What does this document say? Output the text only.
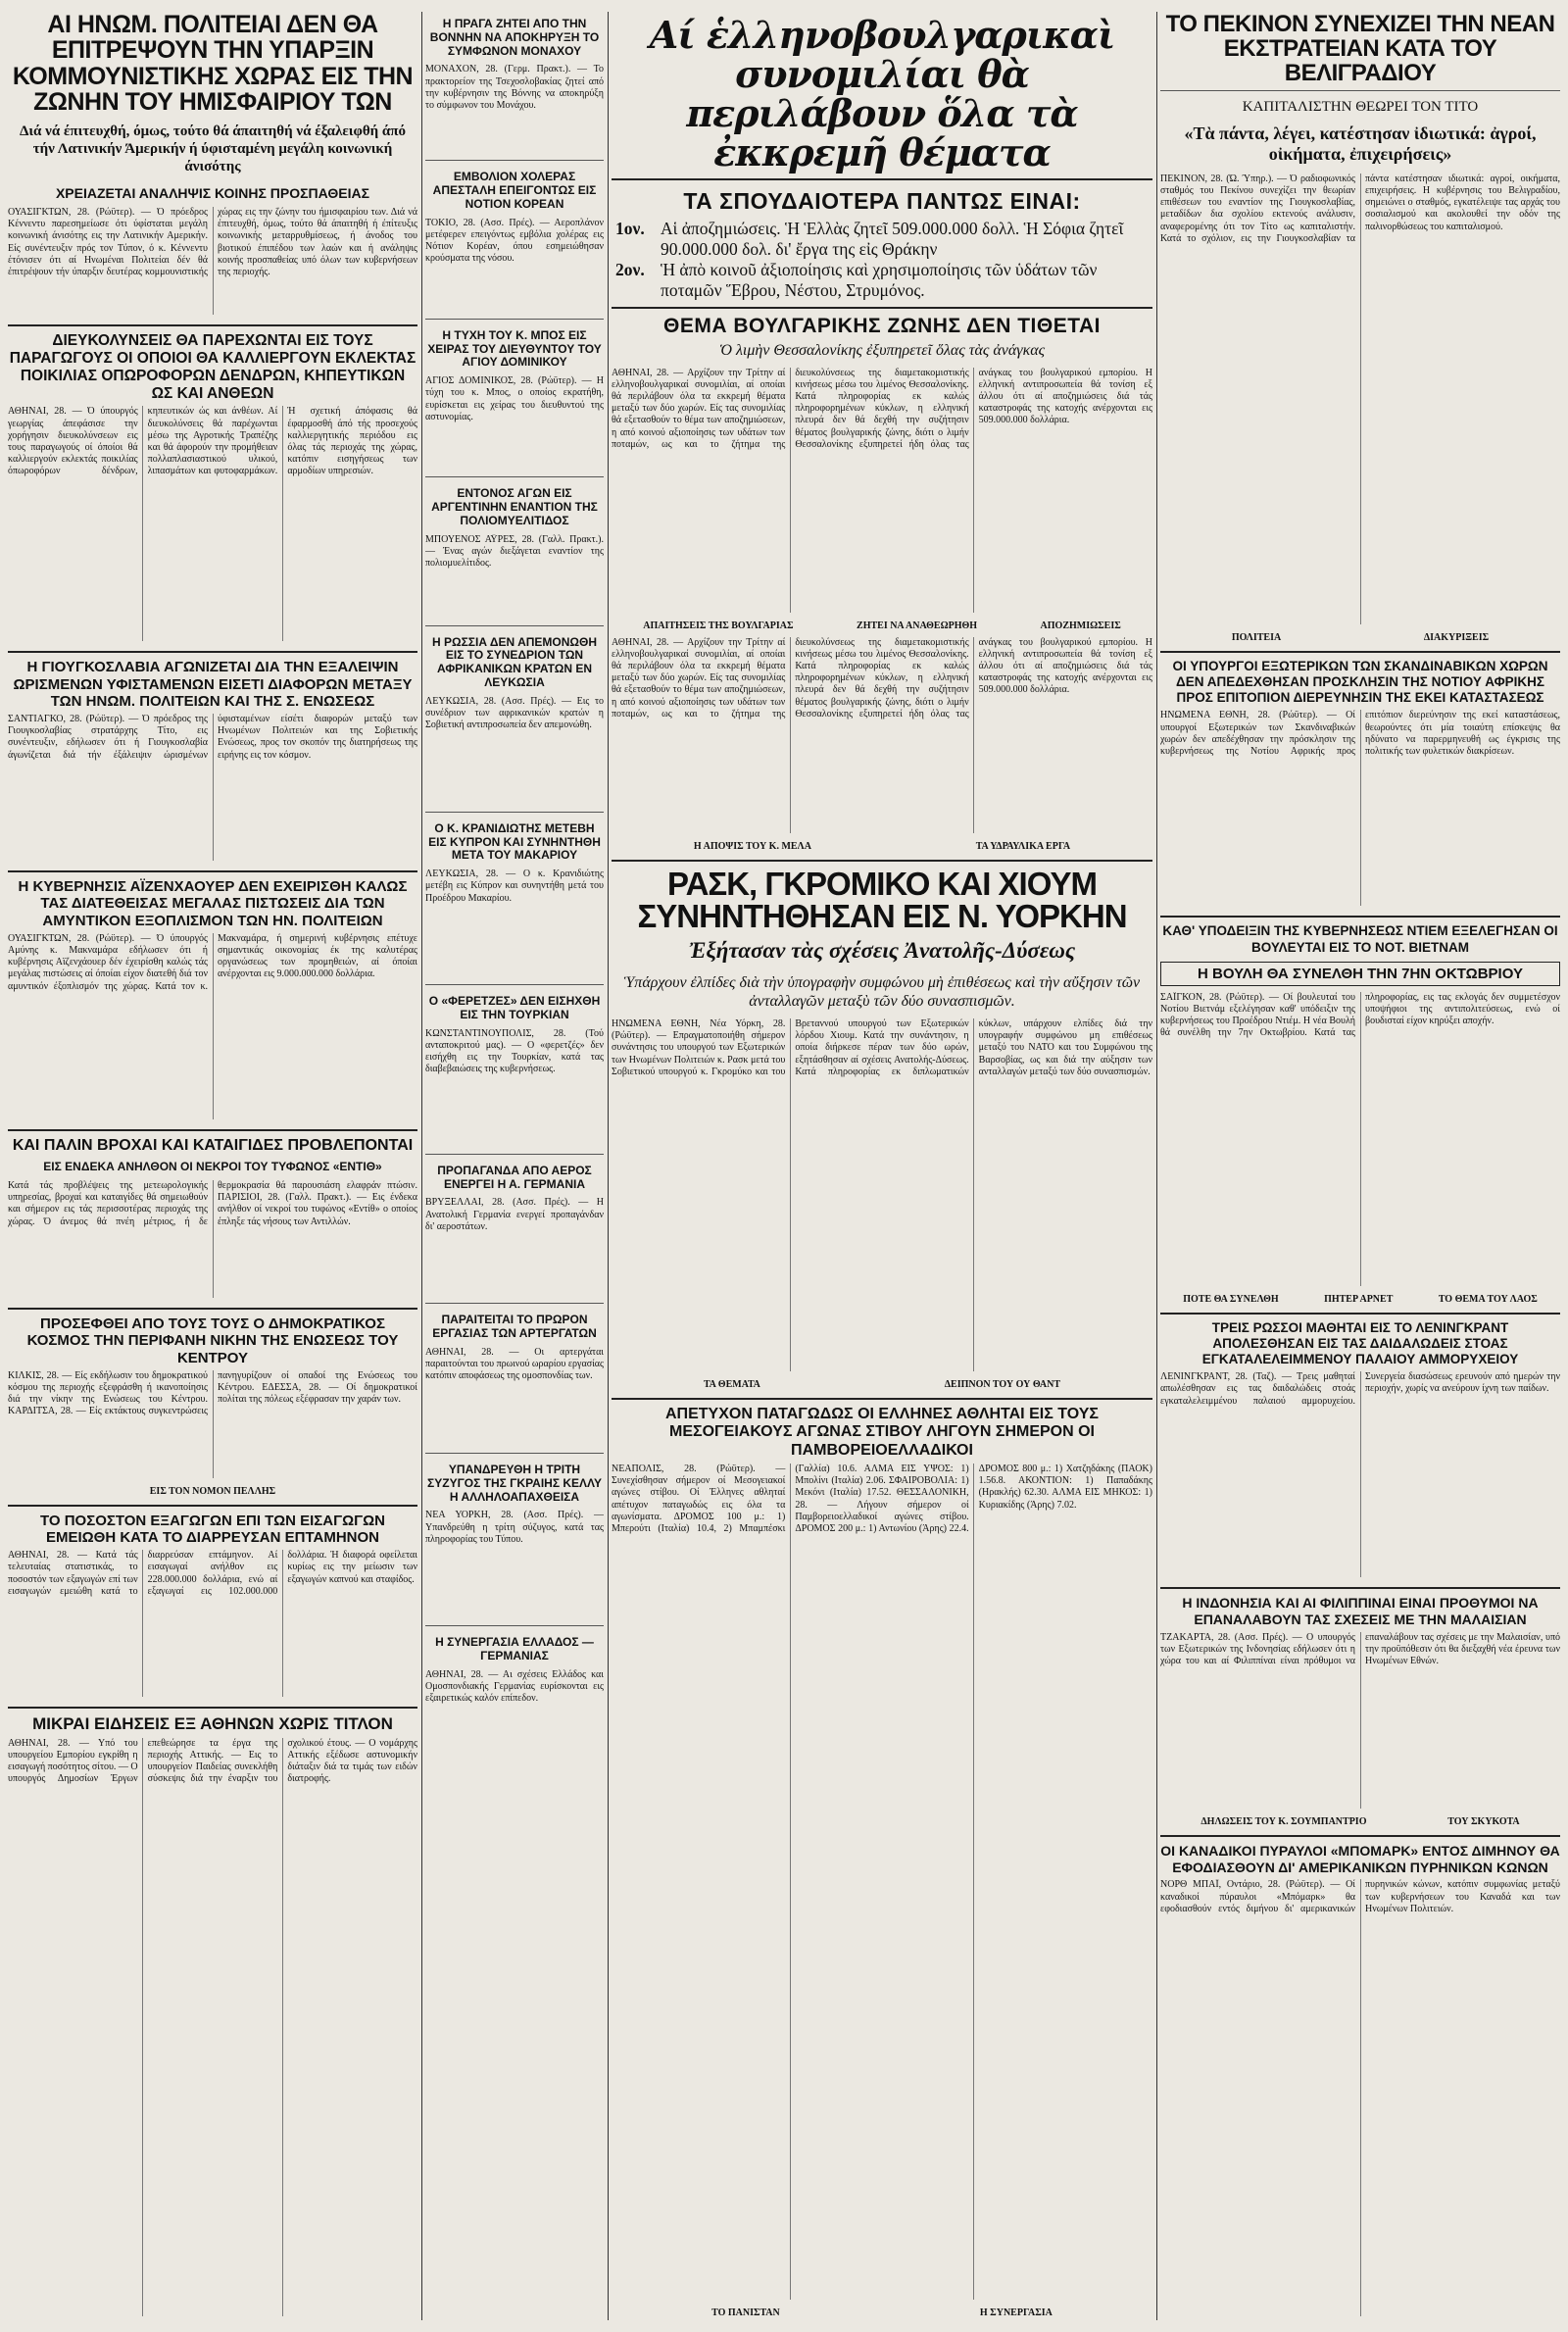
ΑΙ ΗΝΩΜ. ΠΟΛΙΤΕΙΑΙ ΔΕΝ ΘΑ ΕΠΙΤΡΕΨΟΥΝ ΤΗΝ ΥΠΑΡΞΙΝ ΚΟΜΜΟΥΝΙΣΤΙΚΗΣ ΧΩΡΑΣ ΕΙΣ ΤΗΝ ΖΩΝΗΝ ΤΟΥ ΗΜΙΣΦΑΙΡΙΟΥ ΤΩΝ
Διά νά έπιτευχθή, όμως, τούτο θά άπαιτηθή νά έξαλειφθή άπό τήν Λατινικήν Άμερικήν ή ύφισταμένη μεγάλη κοινωνική άνισότης
ΧΡΕΙΑΖΕΤΑΙ ΑΝΑΛΗΨΙΣ ΚΟΙΝΗΣ ΠΡΟΣΠΑΘΕΙΑΣ
ΟΥΑΣΙΓΚΤΩΝ, 28. (Ρώϋτερ). — Ό πρόεδρος Κέννεντυ παρεσημείωσε ότι ύφίσταται μεγάλη κοινωνική άνισότης εις την Λατινικήν Αμερικήν. Είς συνέντευξιν πρός τον Τύπον, ό κ. Κέννεντυ έτόνισεν ότι αί Ηνωμέναι Πολιτείαι δέν θά έπιτρέψουν τήν ύπαρξιν δευτέρας κομμουνιστικής χώρας εις την ζώνην του ήμισφαιρίου των. Διά νά έπιτευχθή, όμως, τούτο θά άπαιτηθή ή έπίτευξις κοινωνικής μεταρρυθμίσεως, ή άνοδος του βιοτικού έπιπέδου των λαών και ή ανάληψις κοινής προσπαθείας υπό όλων των κυβερνήσεων της περιοχής.
ΔΙΕΥΚΟΛΥΝΣΕΙΣ ΘΑ ΠΑΡΕΧΩΝΤΑΙ ΕΙΣ ΤΟΥΣ ΠΑΡΑΓΩΓΟΥΣ ΟΙ ΟΠΟΙΟΙ ΘΑ ΚΑΛΛΙΕΡΓΟΥΝ ΕΚΛΕΚΤΑΣ ΠΟΙΚΙΛΙΑΣ ΟΠΩΡΟΦΟΡΩΝ ΔΕΝΔΡΩΝ, ΚΗΠΕΥΤΙΚΩΝ ΩΣ ΚΑΙ ΑΝΘΕΩΝ
ΑΘΗΝΑΙ, 28. — Ό ύπουργός γεωργίας άπεφάσισε την χορήγησιν διευκολύνσεων εις τους παραγωγούς οί όποίοι θά καλλιεργούν εκλεκτάς ποικιλίας όπωροφόρων δένδρων, κηπευτικών ώς και άνθέων. Αί διευκολύνσεις θά παρέχωνται μέσω της Αγροτικής Τραπέζης και θά άφορούν την προμήθειαν πολλαπλασιαστικού υλικού, λιπασμάτων και φυτοφαρμάκων. Ή σχετική άπόφασις θά έφαρμοσθή άπό τής προσεχούς καλλιεργητικής περιόδου εις όλας τάς περιοχάς της χώρας, κατόπιν εισηγήσεως των αρμοδίων υπηρεσιών.
Η ΓΙΟΥΓΚΟΣΛΑΒΙΑ ΑΓΩΝΙΖΕΤΑΙ ΔΙΑ ΤΗΝ ΕΞΑΛΕΙΨΙΝ ΩΡΙΣΜΕΝΩΝ ΥΦΙΣΤΑΜΕΝΩΝ ΕΙΣΕΤΙ ΔΙΑΦΟΡΩΝ ΜΕΤΑΞΥ ΤΩΝ ΗΝΩΜ. ΠΟΛΙΤΕΙΩΝ ΚΑΙ ΤΗΣ Σ. ΕΝΩΣΕΩΣ
ΣΑΝΤΙΑΓΚΟ, 28. (Ρώϋτερ). — Ό πρόεδρος της Γιουγκοσλαβίας στρατάρχης Τίτο, εις συνέντευξιν, εδήλωσεν ότι ή Γιουγκοσλαβία άγωνίζεται διά τήν έξάλειψιν ώρισμένων ύφισταμένων είσέτι διαφορών μεταξύ των Ηνωμένων Πολιτειών και της Σοβιετικής Ενώσεως, προς τον σκοπόν της διατηρήσεως της ειρήνης εις τον κόσμον.
Η ΚΥΒΕΡΝΗΣΙΣ ΑΪΖΕΝΧΑΟΥΕΡ ΔΕΝ ΕΧΕΙΡΙΣΘΗ ΚΑΛΩΣ ΤΑΣ ΔΙΑΤΕΘΕΙΣΑΣ ΜΕΓΑΛΑΣ ΠΙΣΤΩΣΕΙΣ ΔΙΑ ΤΩΝ ΑΜΥΝΤΙΚΟΝ ΕΞΟΠΛΙΣΜΟΝ ΤΩΝ ΗΝ. ΠΟΛΙΤΕΙΩΝ
ΟΥΑΣΙΓΚΤΩΝ, 28. (Ρώϋτερ). — Ό ύπουργός Αμύνης κ. Μακναμάρα εδήλωσεν ότι ή κυβέρνησις Αϊζενχάουερ δέν έχειρίσθη καλώς τάς μεγάλας πιστώσεις αί όποίαι είχον διατεθή διά τον αμυντικόν έξοπλισμόν της χώρας. Κατά τον κ. Μακναμάρα, ή σημερινή κυβέρνησις επέτυχε σημαντικάς οικονομίας έκ της καλυτέρας οργανώσεως των προμηθειών, αί όποίαι ανέρχονται εις 9.000.000.000 δολλάρια.
ΚΑΙ ΠΑΛΙΝ ΒΡΟΧΑΙ ΚΑΙ ΚΑΤΑΙΓΙΔΕΣ ΠΡΟΒΛΕΠΟΝΤΑΙ
ΕΙΣ ΕΝΔΕΚΑ ΑΝΗΛΘΟΝ ΟΙ ΝΕΚΡΟΙ ΤΟΥ ΤΥΦΩΝΟΣ «ΕΝΤΙΘ»
Κατά τάς προβλέψεις της μετεωρολογικής υπηρεσίας, βροχαί και καταιγίδες θά σημειωθούν και σήμερον εις τάς περισσοτέρας περιοχάς της χώρας. Ό άνεμος θά πνέη μέτριος, ή δε θερμοκρασία θά παρουσιάση ελαφράν πτώσιν. ΠΑΡΙΣΙΟΙ, 28. (Γαλλ. Πρακτ.). — Εις ένδεκα ανήλθον οί νεκροί του τυφώνος «Εντίθ» ο οποίος έπληξε τάς νήσους των Αντιλλών.
ΠΡΟΣΕΦΘΕΙ ΑΠΟ ΤΟΥΣ ΤΟΥΣ Ο ΔΗΜΟΚΡΑΤΙΚΟΣ ΚΟΣΜΟΣ ΤΗΝ ΠΕΡΙΦΑΝΗ ΝΙΚΗΝ ΤΗΣ ΕΝΩΣΕΩΣ ΤΟΥ ΚΕΝΤΡΟΥ
ΚΙΛΚΙΣ, 28. — Είς εκδήλωσιν του δημοκρατικού κόσμου της περιοχής εξεφράσθη ή ικανοποίησις διά την νίκην της Ενώσεως του Κέντρου. ΚΑΡΔΙΤΣΑ, 28. — Είς εκτάκτους συγκεντρώσεις πανηγυρίζουν οί οπαδοί της Ενώσεως του Κέντρου. ΕΔΕΣΣΑ, 28. — Οί δημοκρατικοί πολίται της πόλεως εξέφρασαν την χαράν των.
ΕΙΣ ΤΟΝ ΝΟΜΟΝ ΠΕΛΛΗΣ
ΤΟ ΠΟΣΟΣΤΟΝ ΕΞΑΓΩΓΩΝ ΕΠΙ ΤΩΝ ΕΙΣΑΓΩΓΩΝ ΕΜΕΙΩΘΗ ΚΑΤΑ ΤΟ ΔΙΑΡΡΕΥΣΑΝ ΕΠΤΑΜΗΝΟΝ
ΑΘΗΝΑΙ, 28. — Κατά τάς τελευταίας στατιστικάς, το ποσοστόν των εξαγωγών επί των εισαγωγών εμειώθη κατά το διαρρεύσαν επτάμηνον. Αί εισαγωγαί ανήλθον εις 228.000.000 δολλάρια, ενώ αί εξαγωγαί εις 102.000.000 δολλάρια. Ή διαφορά οφείλεται κυρίως εις την μείωσιν των εξαγωγών καπνού και σταφίδος.
ΜΙΚΡΑΙ ΕΙΔΗΣΕΙΣ ΕΞ ΑΘΗΝΩΝ ΧΩΡΙΣ ΤΙΤΛΟΝ
ΑΘΗΝΑΙ, 28. — Υπό του υπουργείου Εμπορίου εγκρίθη η εισαγωγή ποσότητος σίτου. — Ο υπουργός Δημοσίων Έργων επεθεώρησε τα έργα της περιοχής Αττικής. — Εις το υπουργείον Παιδείας συνεκλήθη σύσκεψις διά την έναρξιν του σχολικού έτους. — Ο νομάρχης Αττικής εξέδωσε αστυνομικήν διάταξιν διά τα τιμάς των ειδών διατροφής.
Η ΠΡΑΓΑ ΖΗΤΕΙ ΑΠΟ ΤΗΝ ΒΟΝΝΗΝ ΝΑ ΑΠΟΚΗΡΥΞΗ ΤΟ ΣΥΜΦΩΝΟΝ ΜΟΝΑΧΟΥ
ΜΟΝΑΧΟΝ, 28. (Γερμ. Πρακτ.). — Το πρακτορείον της Τσεχοσλοβακίας ζητεί από την κυβέρνησιν της Βόννης να αποκηρύξη το σύμφωνον του Μονάχου.
ΕΜΒΟΛΙΟΝ ΧΟΛΕΡΑΣ ΑΠΕΣΤΑΛΗ ΕΠΕΙΓΟΝΤΩΣ ΕΙΣ ΝΟΤΙΟΝ ΚΟΡΕΑΝ
ΤΟΚΙΟ, 28. (Ασσ. Πρές). — Αεροπλάνον μετέφερεν επειγόντως εμβόλια χολέρας εις Νότιον Κορέαν, όπου εσημειώθησαν κρούσματα της νόσου.
Η ΤΥΧΗ ΤΟΥ Κ. ΜΠΟΣ ΕΙΣ ΧΕΙΡΑΣ ΤΟΥ ΔΙΕΥΘΥΝΤΟΥ ΤΟΥ ΑΓΙΟΥ ΔΟΜΙΝΙΚΟΥ
ΑΓΙΟΣ ΔΟΜΙΝΙΚΟΣ, 28. (Ρώϋτερ). — Η τύχη του κ. Μπος, ο οποίος εκρατήθη, ευρίσκεται εις χείρας του διευθυντού της αστυνομίας.
ΕΝΤΟΝΟΣ ΑΓΩΝ ΕΙΣ ΑΡΓΕΝΤΙΝΗΝ ΕΝΑΝΤΙΟΝ ΤΗΣ ΠΟΛΙΟΜΥΕΛΙΤΙΔΟΣ
ΜΠΟΥΕΝΟΣ ΑΫΡΕΣ, 28. (Γαλλ. Πρακτ.). — Ένας αγών διεξάγεται εναντίον της πολιομυελίτιδος.
Η ΡΩΣΣΙΑ ΔΕΝ ΑΠΕΜΟΝΩΘΗ ΕΙΣ ΤΟ ΣΥΝΕΔΡΙΟΝ ΤΩΝ ΑΦΡΙΚΑΝΙΚΩΝ ΚΡΑΤΩΝ ΕΝ ΛΕΥΚΩΣΙΑ
ΛΕΥΚΩΣΙΑ, 28. (Ασσ. Πρές). — Εις το συνέδριον των αφρικανικών κρατών η Σοβιετική αντιπροσωπεία δεν απεμονώθη.
Ο Κ. ΚΡΑΝΙΔΙΩΤΗΣ ΜΕΤΕΒΗ ΕΙΣ ΚΥΠΡΟΝ ΚΑΙ ΣΥΝΗΝΤΗΘΗ ΜΕΤΑ ΤΟΥ ΜΑΚΑΡΙΟΥ
ΛΕΥΚΩΣΙΑ, 28. — Ο κ. Κρανιδιώτης μετέβη εις Κύπρον και συνηντήθη μετά του Προέδρου Μακαρίου.
Ο «ΦΕΡΕΤΖΕΣ» ΔΕΝ ΕΙΣΗΧΘΗ ΕΙΣ ΤΗΝ ΤΟΥΡΚΙΑΝ
ΚΩΝΣΤΑΝΤΙΝΟΥΠΟΛΙΣ, 28. (Τού ανταποκριτού μας). — Ο «φερετζές» δεν εισήχθη εις την Τουρκίαν, κατά τας διαβεβαιώσεις της κυβερνήσεως.
ΠΡΟΠΑΓΑΝΔΑ ΑΠΟ ΑΕΡΟΣ ΕΝΕΡΓΕΙ Η Α. ΓΕΡΜΑΝΙΑ
ΒΡΥΞΕΛΛΑΙ, 28. (Ασσ. Πρές). — Η Ανατολική Γερμανία ενεργεί προπαγάνδαν δι' αεροστάτων.
ΠΑΡΑΙΤΕΙΤΑΙ ΤΟ ΠΡΩΡΟΝ ΕΡΓΑΣΙΑΣ ΤΩΝ ΑΡΤΕΡΓΑΤΩΝ
ΑΘΗΝΑΙ, 28. — Οι αρτεργάται παραιτούνται του πρωινού ωραρίου εργασίας κατόπιν αποφάσεως της ομοσπονδίας των.
ΥΠΑΝΔΡΕΥΘΗ Η ΤΡΙΤΗ ΣΥΖΥΓΟΣ ΤΗΣ ΓΚΡΑΙΗΣ ΚΕΛΛΥ Η ΑΛΛΗΛΟΑΠΑΧΘΕΙΣΑ
ΝΕΑ ΥΟΡΚΗ, 28. (Ασσ. Πρές). — Υπανδρεύθη η τρίτη σύζυγος, κατά τας πληροφορίας του Τύπου.
Η ΣΥΝΕΡΓΑΣΙΑ ΕΛΛΑΔΟΣ — ΓΕΡΜΑΝΙΑΣ
ΑΘΗΝΑΙ, 28. — Αι σχέσεις Ελλάδος και Ομοσπονδιακής Γερμανίας ευρίσκονται εις εξαιρετικώς καλόν επίπεδον.
Αί ἑλληνοβουλγαρικαὶ συνομιλίαι θὰ περιλάβουν ὅλα τὰ ἐκκρεμῆ θέματα
ΤΑ ΣΠΟΥΔΑΙΟΤΕΡΑ ΠΑΝΤΩΣ ΕΙΝΑΙ:
1ον. Αἱ ἀποζημιώσεις. Ἡ Ἑλλὰς ζητεῖ 509.000.000 δολλ. Ἡ Σόφια ζητεῖ 90.000.000 δολ. δι' ἔργα της εἰς Θράκην
2ον. Ἡ ἀπὸ κοινοῦ ἀξιοποίησις καὶ χρησιμοποίησις τῶν ὑδάτων τῶν ποταμῶν Ἕβρου, Νέστου, Στρυμόνος.
ΘΕΜΑ ΒΟΥΛΓΑΡΙΚΗΣ ΖΩΝΗΣ ΔΕΝ ΤΙΘΕΤΑΙ
Ὁ λιμὴν Θεσσαλονίκης ἐξυπηρετεῖ ὅλας τὰς ἀνάγκας
ΑΘΗΝΑΙ, 28. — Αρχίζουν την Τρίτην αί ελληνοβουλγαρικαί συνομιλίαι, αί οποίαι θά περιλάβουν όλα τα εκκρεμή θέματα μεταξύ των δύο χωρών. Είς τας συνομιλίας θά εξετασθούν το θέμα των αποζημιώσεων, η από κοινού αξιοποίησις των υδάτων των ποταμών, ως και το ζήτημα της διευκολύνσεως της διαμετακομιστικής κινήσεως μέσω του λιμένος Θεσσαλονίκης. Κατά πληροφορίας εκ καλώς πληροφορημένων κύκλων, η ελληνική πλευρά δεν θά δεχθή την συζήτησιν θέματος βουλγαρικής ζώνης, διότι ο λιμήν Θεσσαλονίκης εξυπηρετεί ήδη όλας τας ανάγκας του βουλγαρικού εμπορίου. Η ελληνική αντιπροσωπεία θά τονίση εξ άλλου ότι αί αποζημιώσεις διά τάς καταστροφάς της κατοχής ανέρχονται εις 509.000.000 δολλάρια.
ΑΠΑΙΤΗΣΕΙΣ ΤΗΣ ΒΟΥΛΓΑΡΙΑΣ	ΖΗΤΕΙ ΝΑ ΑΝΑΘΕΩΡΗΘΗ	ΑΠΟΖΗΜΙΩΣΕΙΣ
ΑΘΗΝΑΙ, 28. — Αρχίζουν την Τρίτην αί ελληνοβουλγαρικαί συνομιλίαι, αί οποίαι θά περιλάβουν όλα τα εκκρεμή θέματα μεταξύ των δύο χωρών. Είς τας συνομιλίας θά εξετασθούν το θέμα των αποζημιώσεων, η από κοινού αξιοποίησις των υδάτων των ποταμών, ως και το ζήτημα της διευκολύνσεως της διαμετακομιστικής κινήσεως μέσω του λιμένος Θεσσαλονίκης. Κατά πληροφορίας εκ καλώς πληροφορημένων κύκλων, η ελληνική πλευρά δεν θά δεχθή την συζήτησιν θέματος βουλγαρικής ζώνης, διότι ο λιμήν Θεσσαλονίκης εξυπηρετεί ήδη όλας τας ανάγκας του βουλγαρικού εμπορίου. Η ελληνική αντιπροσωπεία θά τονίση εξ άλλου ότι αί αποζημιώσεις διά τάς καταστροφάς της κατοχής ανέρχονται εις 509.000.000 δολλάρια.
Η ΑΠΟΨΙΣ ΤΟΥ Κ. ΜΕΛΑ	ΤΑ ΥΔΡΑΥΛΙΚΑ ΕΡΓΑ
ΡΑΣΚ, ΓΚΡΟΜΙΚΟ ΚΑΙ ΧΙΟΥΜ ΣΥΝΗΝΤΗΘΗΣΑΝ ΕΙΣ Ν. ΥΟΡΚΗΝ
Ἐξήτασαν τὰς σχέσεις Ἀνατολῆς-Δύσεως
Ὑπάρχουν ἐλπίδες διὰ τὴν ὑπογραφὴν συμφώνου μὴ ἐπιθέσεως καὶ τὴν αὔξησιν τῶν ἀνταλλαγῶν μεταξὺ τῶν δύο συνασπισμῶν.
ΗΝΩΜΕΝΑ ΕΘΝΗ, Νέα Υόρκη, 28. (Ρώϋτερ). — Επραγματοποιήθη σήμερον συνάντησις του υπουργού των Εξωτερικών των Ηνωμένων Πολιτειών κ. Ρασκ μετά του Σοβιετικού υπουργού κ. Γκρομύκο και του Βρεταννού υπουργού των Εξωτερικών λόρδου Χιουμ. Κατά την συνάντησιν, η οποία διήρκεσε πέραν των δύο ωρών, εξητάσθησαν αί σχέσεις Ανατολής-Δύσεως. Κατά πληροφορίας εκ διπλωματικών κύκλων, υπάρχουν ελπίδες διά την υπογραφήν συμφώνου μη επιθέσεως μεταξύ του ΝΑΤΟ και του Συμφώνου της Βαρσοβίας, ως και διά την αύξησιν των ανταλλαγών μεταξύ των δύο συνασπισμών.
ΤΑ ΘΕΜΑΤΑ	ΔΕΙΠΝΟΝ ΤΟΥ ΟΥ ΘΑΝΤ
ΑΠΕΤΥΧΟΝ ΠΑΤΑΓΩΔΩΣ ΟΙ ΕΛΛΗΝΕΣ ΑΘΛΗΤΑΙ ΕΙΣ ΤΟΥΣ ΜΕΣΟΓΕΙΑΚΟΥΣ ΑΓΩΝΑΣ ΣΤΙΒΟΥ ΛΗΓΟΥΝ ΣΗΜΕΡΟΝ ΟΙ ΠΑΜΒΟΡΕΙΟΕΛΛΑΔΙΚΟΙ
ΝΕΑΠΟΛΙΣ, 28. (Ρώϋτερ). — Συνεχίσθησαν σήμερον οί Μεσογειακοί αγώνες στίβου. Οί Έλληνες αθληταί απέτυχον παταγωδώς εις όλα τα αγωνίσματα. ΔΡΟΜΟΣ 100 μ.: 1) Μπερούτι (Ιταλία) 10.4, 2) Μπαμπέσκι (Γαλλία) 10.6. ΑΛΜΑ ΕΙΣ ΥΨΟΣ: 1) Μπολίνι (Ιταλία) 2.06. ΣΦΑΙΡΟΒΟΛΙΑ: 1) Μεκόνι (Ιταλία) 17.52. ΘΕΣΣΑΛΟΝΙΚΗ, 28. — Λήγουν σήμερον οί Παμβορειοελλαδικοί αγώνες στίβου. ΔΡΟΜΟΣ 200 μ.: 1) Αντωνίου (Άρης) 22.4. ΔΡΟΜΟΣ 800 μ.: 1) Χατζηδάκης (ΠΑΟΚ) 1.56.8. ΑΚΟΝΤΙΟΝ: 1) Παπαδάκης (Ηρακλής) 62.30. ΑΛΜΑ ΕΙΣ ΜΗΚΟΣ: 1) Κυριακίδης (Άρης) 7.02.
ΤΟ ΠΑΝΙΣΤΑΝ	Η ΣΥΝΕΡΓΑΣΙΑ
ΤΟ ΠΕΚΙΝΟΝ ΣΥΝΕΧΙΖΕΙ ΤΗΝ ΝΕΑΝ ΕΚΣΤΡΑΤΕΙΑΝ ΚΑΤΑ ΤΟΥ ΒΕΛΙΓΡΑΔΙΟΥ
ΚΑΠΙΤΑΛΙΣΤΗΝ ΘΕΩΡΕΙ ΤΟΝ ΤΙΤΟ
«Τὰ πάντα, λέγει, κατέστησαν ἰδιωτικά: ἀγροί, οἰκήματα, ἐπιχειρήσεις»
ΠΕΚΙΝΟΝ, 28. (Ώ. Ύπηρ.). — Ό ραδιοφωνικός σταθμός του Πεκίνου συνεχίζει την θεωρίαν επιθέσεων του εναντίον της Γιουγκοσλαβίας, μεταδίδων δια σχολίου εκτενούς ανάλυσιν, αναφερομένης ότι τον Τίτο ως καπιταλιστήν. Κατά το σχόλιον, εις την Γιουγκοσλαβίαν τα πάντα κατέστησαν ιδιωτικά: αγροί, οικήματα, επιχειρήσεις. Η κυβέρνησις του Βελιγραδίου, σημειώνει ο σταθμός, εγκατέλειψε τας αρχάς του σοσιαλισμού και ακολουθεί την οδόν της παλινορθώσεως του καπιταλισμού.
ΠΟΛΙΤΕΙΑ	ΔΙΑΚΥΡΙΞΕΙΣ
ΟΙ ΥΠΟΥΡΓΟΙ ΕΞΩΤΕΡΙΚΩΝ ΤΩΝ ΣΚΑΝΔΙΝΑΒΙΚΩΝ ΧΩΡΩΝ ΔΕΝ ΑΠΕΔΕΧΘΗΣΑΝ ΠΡΟΣΚΛΗΣΙΝ ΤΗΣ ΝΟΤΙΟΥ ΑΦΡΙΚΗΣ ΠΡΟΣ ΕΠΙΤΟΠΙΟΝ ΔΙΕΡΕΥΝΗΣΙΝ ΤΗΣ ΕΚΕΙ ΚΑΤΑΣΤΑΣΕΩΣ
ΗΝΩΜΕΝΑ ΕΘΝΗ, 28. (Ρώϋτερ). — Οί υπουργοί Εξωτερικών των Σκανδιναβικών χωρών δεν απεδέχθησαν την πρόσκλησιν της κυβερνήσεως της Νοτίου Αφρικής προς επιτόπιον διερεύνησιν της εκεί καταστάσεως, θεωρούντες ότι μία τοιαύτη επίσκεψις θα ηδύνατο να παρερμηνευθή ως έγκρισις της πολιτικής των φυλετικών διακρίσεων.
ΚΑΘ' ΥΠΟΔΕΙΞΙΝ ΤΗΣ ΚΥΒΕΡΝΗΣΕΩΣ ΝΤΙΕΜ ΕΞΕΛΕΓΗΣΑΝ ΟΙ ΒΟΥΛΕΥΤΑΙ ΕΙΣ ΤΟ ΝΟΤ. ΒΙΕΤΝΑΜ
Η ΒΟΥΛΗ ΘΑ ΣΥΝΕΛΘΗ ΤΗΝ 7ΗΝ ΟΚΤΩΒΡΙΟΥ
ΣΑΪΓΚΟΝ, 28. (Ρώϋτερ). — Οί βουλευταί του Νοτίου Βιετνάμ εξελέγησαν καθ' υπόδειξιν της κυβερνήσεως του Προέδρου Ντιέμ. Η νέα Βουλή θά συνέλθη την 7ην Οκτωβρίου. Κατά τας πληροφορίας, εις τας εκλογάς δεν συμμετέσχον υποψήφιοι της αντιπολιτεύσεως, ενώ οί βουδισταί είχον κηρύξει αποχήν.
ΠΟΤΕ ΘΑ ΣΥΝΕΛΘΗ	ΠΗΤΕΡ ΑΡΝΕΤ	ΤΟ ΘΕΜΑ ΤΟΥ ΛΑΟΣ
ΤΡΕΙΣ ΡΩΣΣΟΙ ΜΑΘΗΤΑΙ ΕΙΣ ΤΟ ΛΕΝΙΝΓΚΡΑΝΤ ΑΠΟΛΕΣΘΗΣΑΝ ΕΙΣ ΤΑΣ ΔΑΙΔΑΛΩΔΕΙΣ ΣΤΟΑΣ ΕΓΚΑΤΑΛΕΛΕΙΜΜΕΝΟΥ ΠΑΛΑΙΟΥ ΑΜΜΟΡΥΧΕΙΟΥ
ΛΕΝΙΝΓΚΡΑΝΤ, 28. (Ταζ). — Τρεις μαθηταί απωλέσθησαν εις τας δαιδαλώδεις στοάς εγκαταλελειμμένου παλαιού αμμορυχείου. Συνεργεία διασώσεως ερευνούν από ημερών την περιοχήν, χωρίς να ανεύρουν ίχνη των παίδων.
Η ΙΝΔΟΝΗΣΙΑ ΚΑΙ ΑΙ ΦΙΛΙΠΠΙΝΑΙ ΕΙΝΑΙ ΠΡΟΘΥΜΟΙ ΝΑ ΕΠΑΝΑΛΑΒΟΥΝ ΤΑΣ ΣΧΕΣΕΙΣ ΜΕ ΤΗΝ ΜΑΛΑΙΣΙΑΝ
ΤΖΑΚΑΡΤΑ, 28. (Ασσ. Πρές). — Ο υπουργός των Εξωτερικών της Ινδονησίας εδήλωσεν ότι η χώρα του και αί Φιλιππίναι είναι πρόθυμοι να επαναλάβουν τας σχέσεις με την Μαλαισίαν, υπό την προϋπόθεσιν ότι θα διεξαχθή νέα έρευνα των Ηνωμένων Εθνών.
ΔΗΛΩΣΕΙΣ ΤΟΥ Κ. ΣΟΥΜΠΑΝΤΡΙΟ	ΤΟΥ ΣΚΥΚΟΤΑ
ΟΙ ΚΑΝΑΔΙΚΟΙ ΠΥΡΑΥΛΟΙ «ΜΠΟΜΑΡΚ» ΕΝΤΟΣ ΔΙΜΗΝΟΥ ΘΑ ΕΦΟΔΙΑΣΘΟΥΝ ΔΙ' ΑΜΕΡΙΚΑΝΙΚΩΝ ΠΥΡΗΝΙΚΩΝ ΚΩΝΩΝ
ΝΟΡΘ ΜΠΑΪ, Οντάριο, 28. (Ρώϋτερ). — Οί καναδικοί πύραυλοι «Μπόμαρκ» θα εφοδιασθούν εντός διμήνου δι' αμερικανικών πυρηνικών κώνων, κατόπιν συμφωνίας μεταξύ των κυβερνήσεων του Καναδά και των Ηνωμένων Πολιτειών.
